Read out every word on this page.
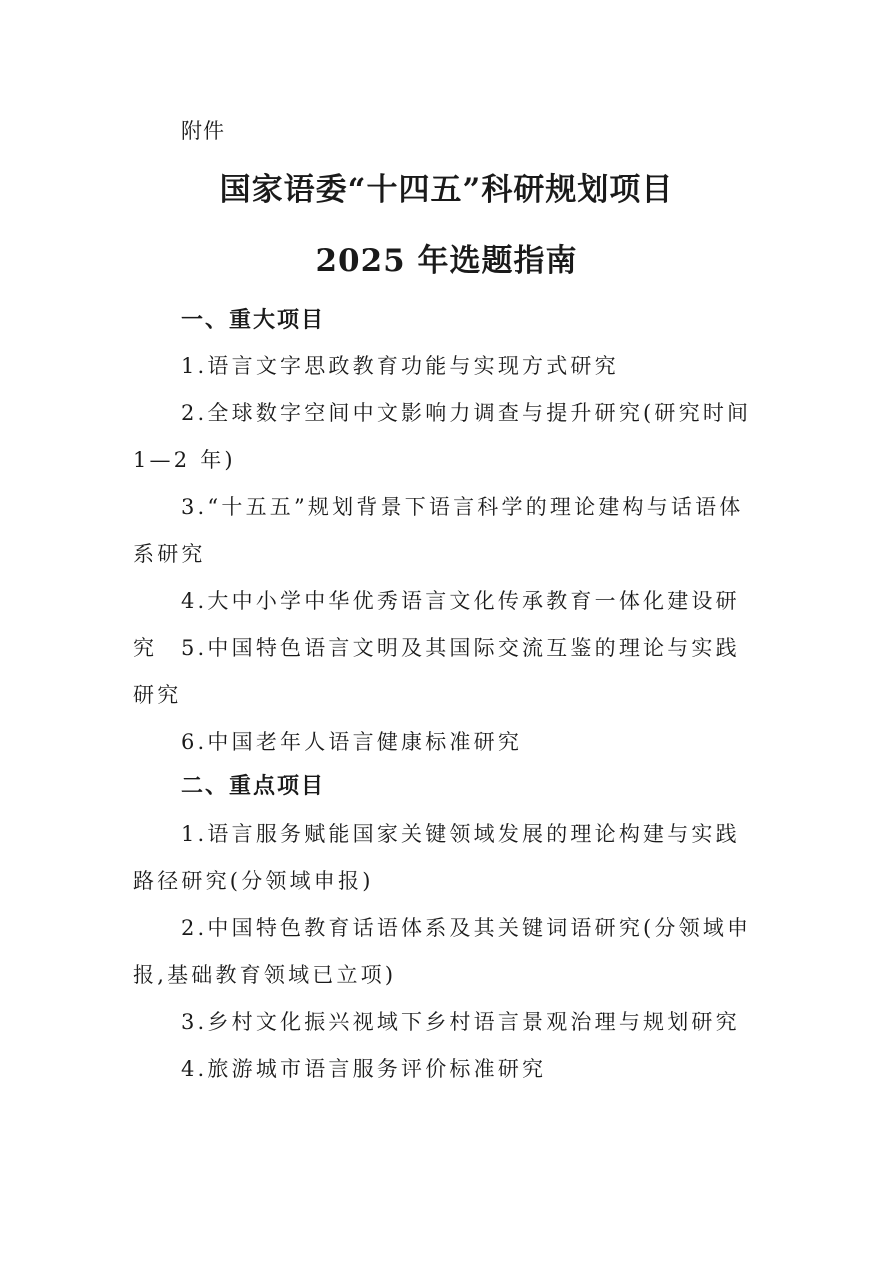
附件

国家语委“十四五”科研规划项目
2025 年选题指南
一、重大项目

1.语言文字思政教育功能与实现方式研究

2.全球数字空间中文影响力调查与提升研究(研究时间 1—2 年)

3.“十五五”规划背景下语言科学的理论建构与话语体系研究

4.大中小学中华优秀语言文化传承教育一体化建设研究	5.中国特色语言文明及其国际交流互鉴的理论与实践研究

6.中国老年人语言健康标准研究

二、重点项目

1.语言服务赋能国家关键领域发展的理论构建与实践路径研究(分领域申报)

2.中国特色教育话语体系及其关键词语研究(分领域申报,基础教育领域已立项)

3.乡村文化振兴视域下乡村语言景观治理与规划研究

4.旅游城市语言服务评价标准研究
